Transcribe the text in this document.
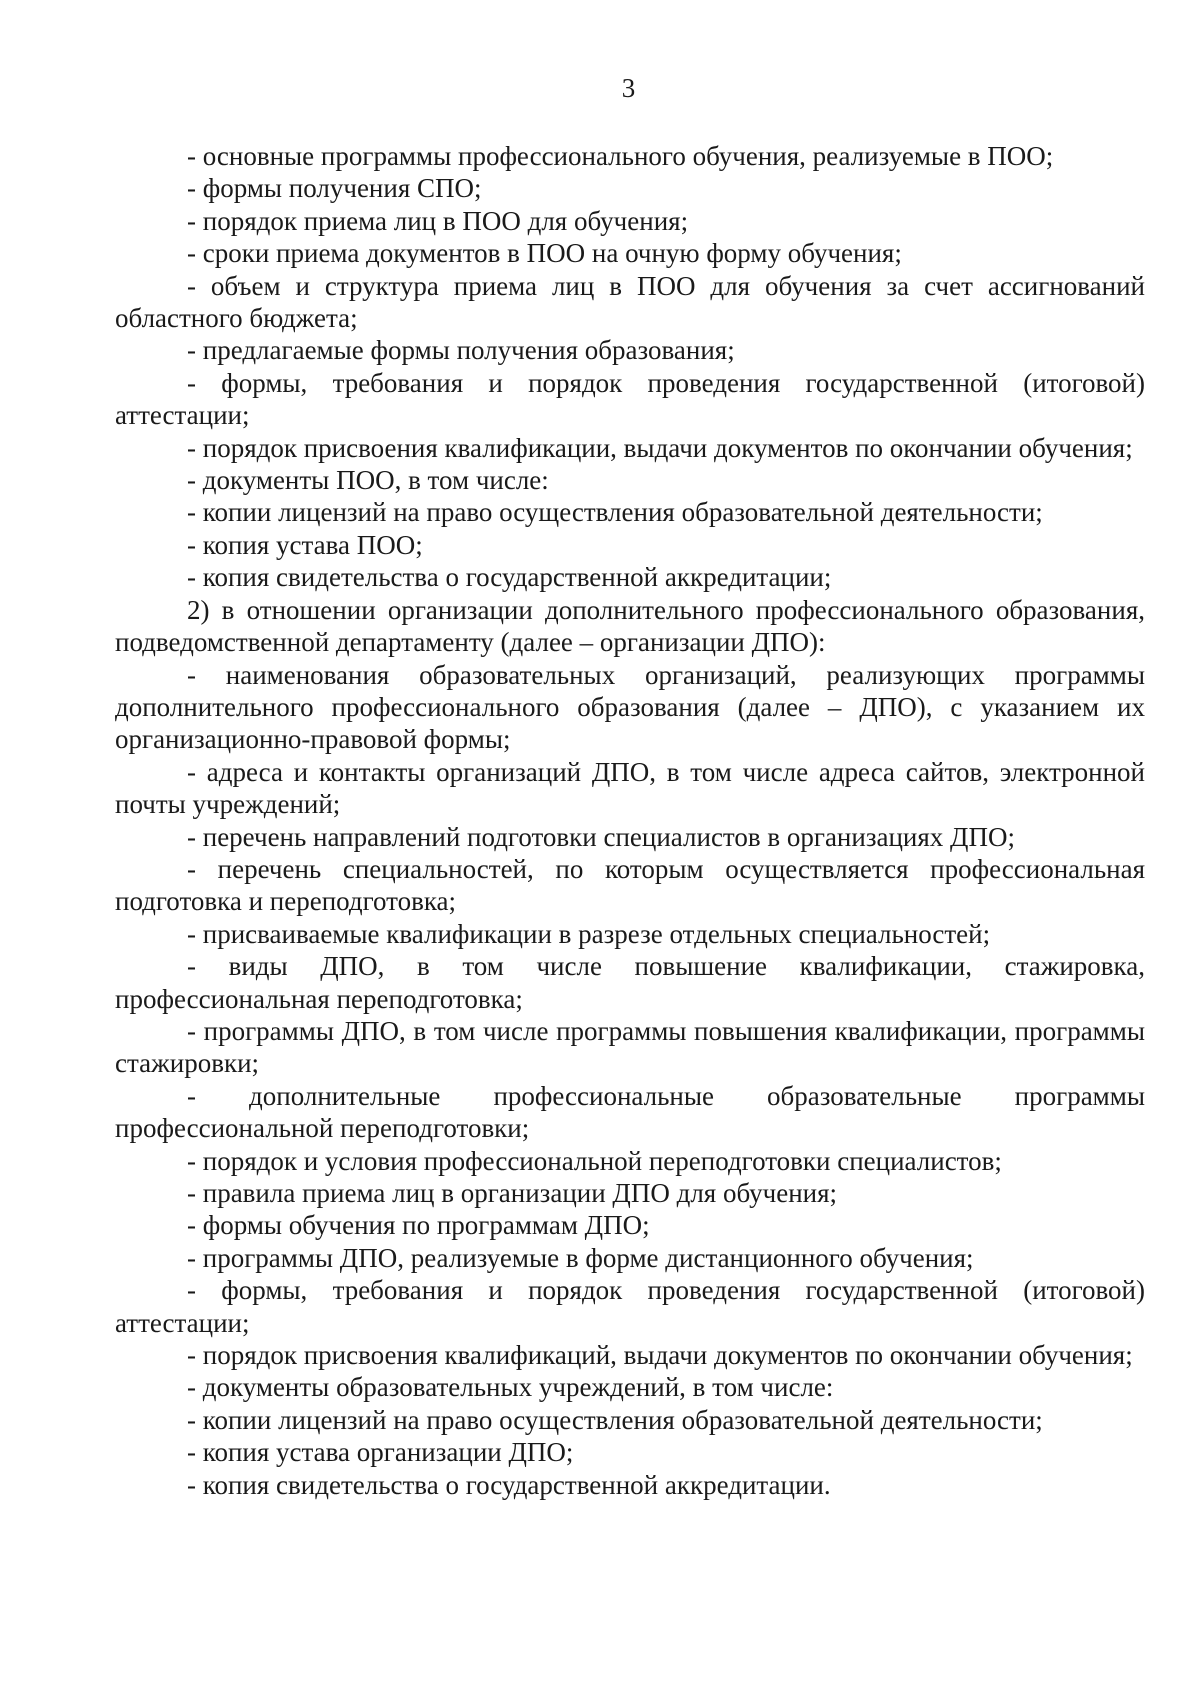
3

- основные программы профессионального обучения, реализуемые в ПОО;

- формы получения СПО;

- порядок приема лиц в ПОО для обучения;

- сроки приема документов в ПОО на очную форму обучения;

- объем и структура приема лиц в ПОО для обучения за счет ассигнований областного бюджета;

- предлагаемые формы получения образования;

- формы, требования и порядок проведения государственной (итоговой) аттестации;

- порядок присвоения квалификации, выдачи документов по окончании обучения;

- документы ПОО, в том числе:

- копии лицензий на право осуществления образовательной деятельности;

- копия устава ПОО;

- копия свидетельства о государственной аккредитации;

2) в отношении организации дополнительного профессионального образования, подведомственной департаменту (далее – организации ДПО):

- наименования образовательных организаций, реализующих программы дополнительного профессионального образования (далее – ДПО), с указанием их организационно-правовой формы;

- адреса и контакты организаций ДПО, в том числе адреса сайтов, электронной почты учреждений;

- перечень направлений подготовки специалистов в организациях ДПО;

- перечень специальностей, по которым осуществляется профессиональная подготовка и переподготовка;

- присваиваемые квалификации в разрезе отдельных специальностей;

- виды ДПО, в том числе повышение квалификации, стажировка, профессиональная переподготовка;

- программы ДПО, в том числе программы повышения квалификации, программы стажировки;

- дополнительные профессиональные образовательные программы профессиональной переподготовки;

- порядок и условия профессиональной переподготовки специалистов;

- правила приема лиц в организации ДПО для обучения;

- формы обучения по программам ДПО;

- программы ДПО, реализуемые в форме дистанционного обучения;

- формы, требования и порядок проведения государственной (итоговой) аттестации;

- порядок присвоения квалификаций, выдачи документов по окончании обучения;

- документы образовательных учреждений, в том числе:

- копии лицензий на право осуществления образовательной деятельности;

- копия устава организации ДПО;

- копия свидетельства о государственной аккредитации.
